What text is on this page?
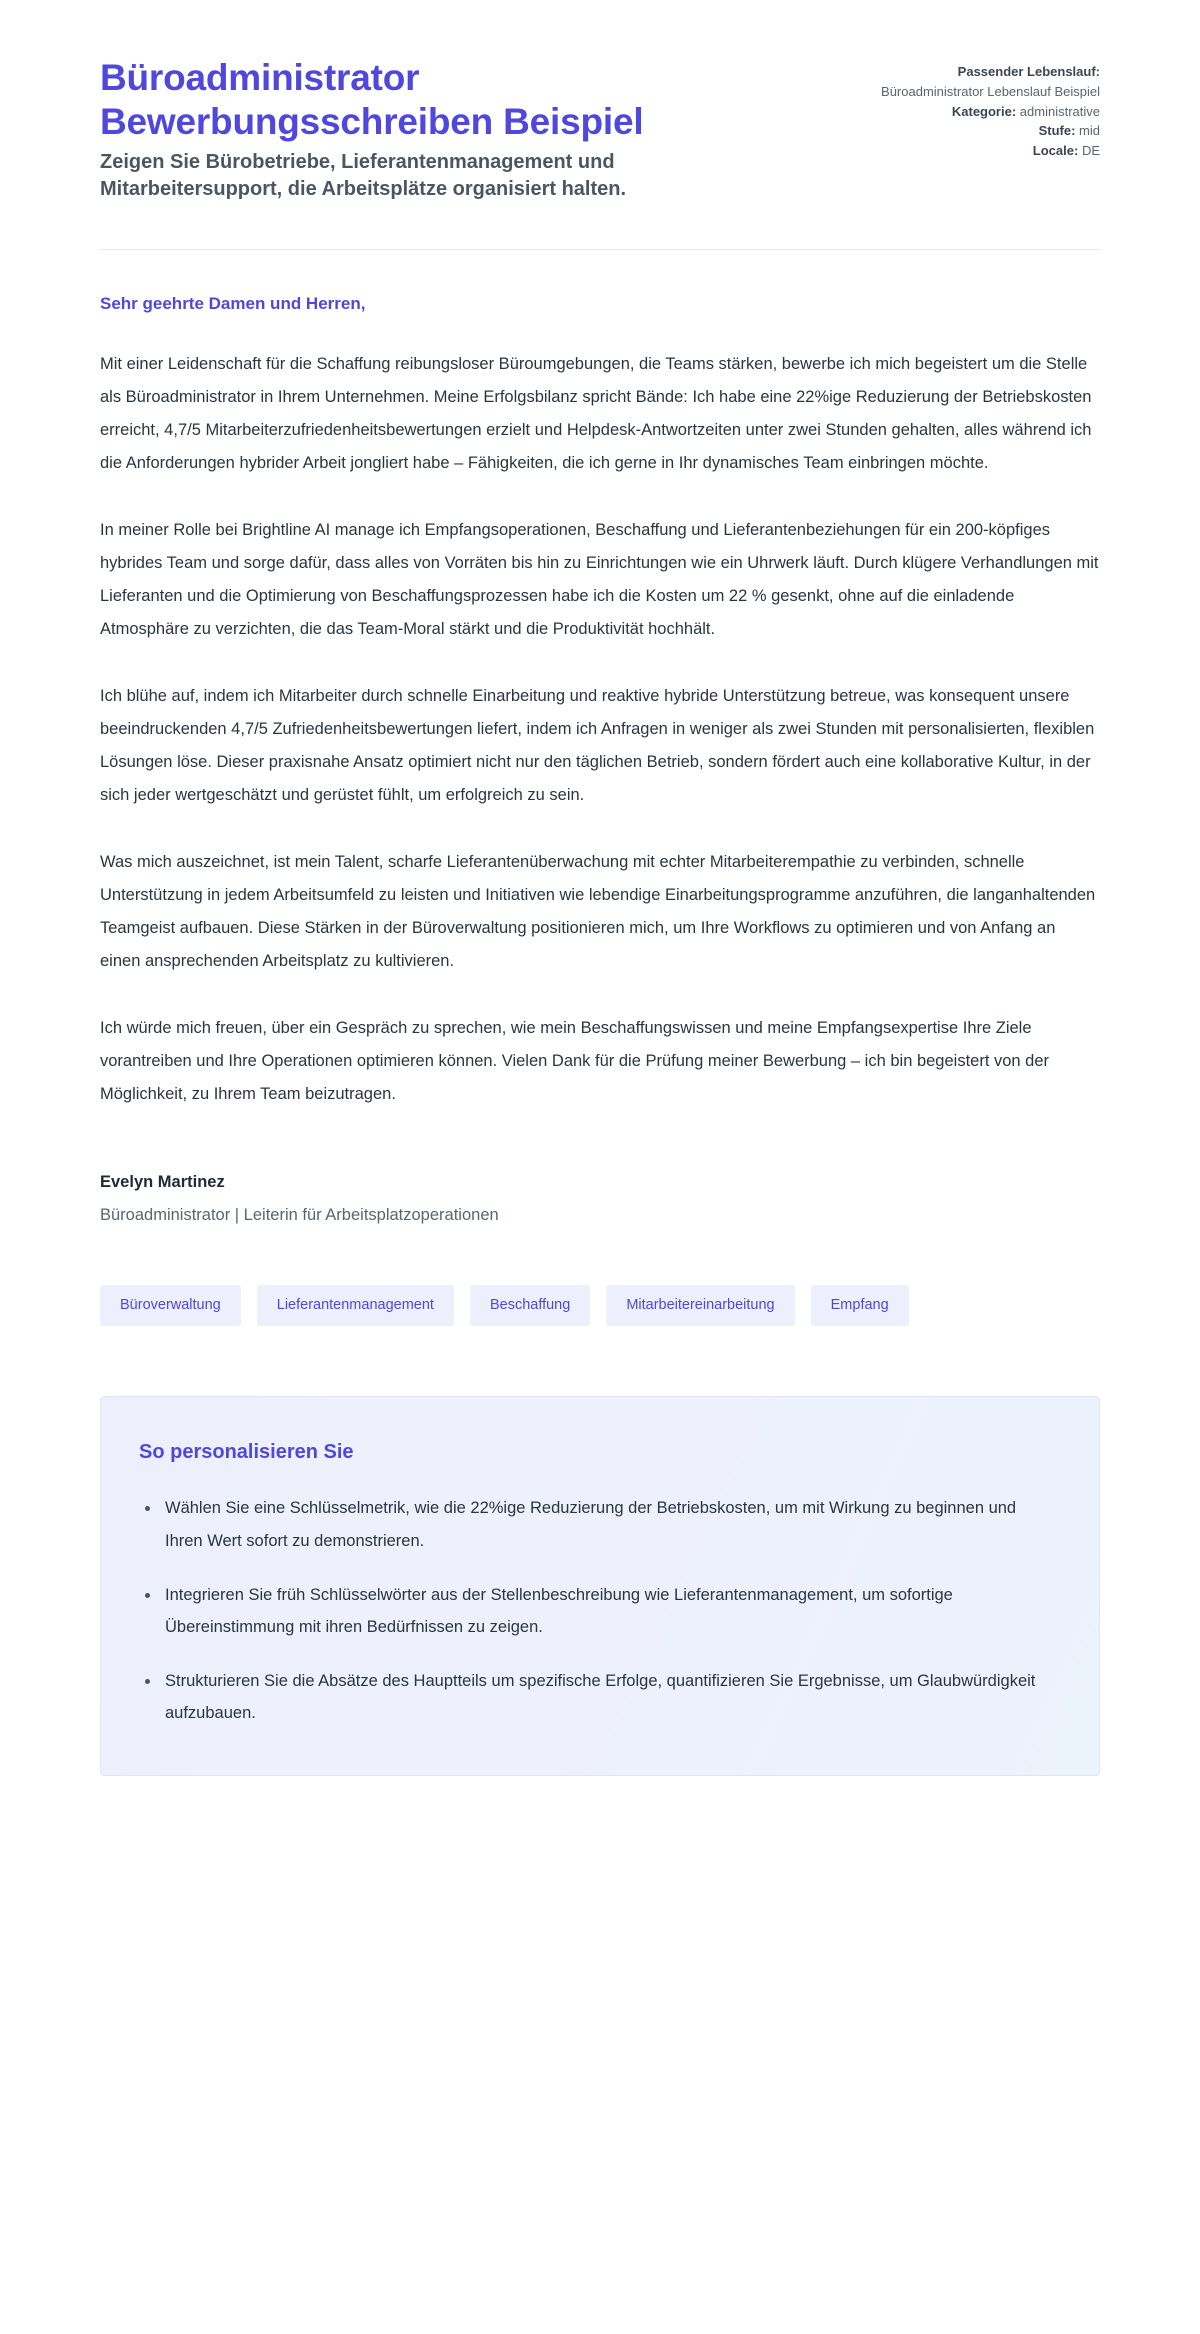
Büroadministrator Bewerbungsschreiben Beispiel

Zeigen Sie Bürobetriebe, Lieferantenmanagement und Mitarbeitersupport, die Arbeitsplätze organisiert halten.

Passender Lebenslauf:
Büroadministrator Lebenslauf Beispiel
Kategorie: administrative
Stufe: mid
Locale: DE

Sehr geehrte Damen und Herren,

Mit einer Leidenschaft für die Schaffung reibungsloser Büroumgebungen, die Teams stärken, bewerbe ich mich begeistert um die Stelle als Büroadministrator in Ihrem Unternehmen. Meine Erfolgsbilanz spricht Bände: Ich habe eine 22%ige Reduzierung der Betriebskosten erreicht, 4,7/5 Mitarbeiterzufriedenheitsbewertungen erzielt und Helpdesk-Antwortzeiten unter zwei Stunden gehalten, alles während ich die Anforderungen hybrider Arbeit jongliert habe – Fähigkeiten, die ich gerne in Ihr dynamisches Team einbringen möchte.

In meiner Rolle bei Brightline AI manage ich Empfangsoperationen, Beschaffung und Lieferantenbeziehungen für ein 200-köpfiges hybrides Team und sorge dafür, dass alles von Vorräten bis hin zu Einrichtungen wie ein Uhrwerk läuft. Durch klügere Verhandlungen mit Lieferanten und die Optimierung von Beschaffungsprozessen habe ich die Kosten um 22 % gesenkt, ohne auf die einladende Atmosphäre zu verzichten, die das Team-Moral stärkt und die Produktivität hochhält.

Ich blühe auf, indem ich Mitarbeiter durch schnelle Einarbeitung und reaktive hybride Unterstützung betreue, was konsequent unsere beeindruckenden 4,7/5 Zufriedenheitsbewertungen liefert, indem ich Anfragen in weniger als zwei Stunden mit personalisierten, flexiblen Lösungen löse. Dieser praxisnahe Ansatz optimiert nicht nur den täglichen Betrieb, sondern fördert auch eine kollaborative Kultur, in der sich jeder wertgeschätzt und gerüstet fühlt, um erfolgreich zu sein.

Was mich auszeichnet, ist mein Talent, scharfe Lieferantenüberwachung mit echter Mitarbeiterempathie zu verbinden, schnelle Unterstützung in jedem Arbeitsumfeld zu leisten und Initiativen wie lebendige Einarbeitungsprogramme anzuführen, die langanhaltenden Teamgeist aufbauen. Diese Stärken in der Büroverwaltung positionieren mich, um Ihre Workflows zu optimieren und von Anfang an einen ansprechenden Arbeitsplatz zu kultivieren.

Ich würde mich freuen, über ein Gespräch zu sprechen, wie mein Beschaffungswissen und meine Empfangsexpertise Ihre Ziele vorantreiben und Ihre Operationen optimieren können. Vielen Dank für die Prüfung meiner Bewerbung – ich bin begeistert von der Möglichkeit, zu Ihrem Team beizutragen.

Evelyn Martinez

Büroadministrator | Leiterin für Arbeitsplatzoperationen

Büroverwaltung	Lieferantenmanagement	Beschaffung	Mitarbeitereinarbeitung	Empfang
So personalisieren Sie
Wählen Sie eine Schlüsselmetrik, wie die 22%ige Reduzierung der Betriebskosten, um mit Wirkung zu beginnen und Ihren Wert sofort zu demonstrieren.
Integrieren Sie früh Schlüsselwörter aus der Stellenbeschreibung wie Lieferantenmanagement, um sofortige Übereinstimmung mit ihren Bedürfnissen zu zeigen.
Strukturieren Sie die Absätze des Hauptteils um spezifische Erfolge, quantifizieren Sie Ergebnisse, um Glaubwürdigkeit aufzubauen.
